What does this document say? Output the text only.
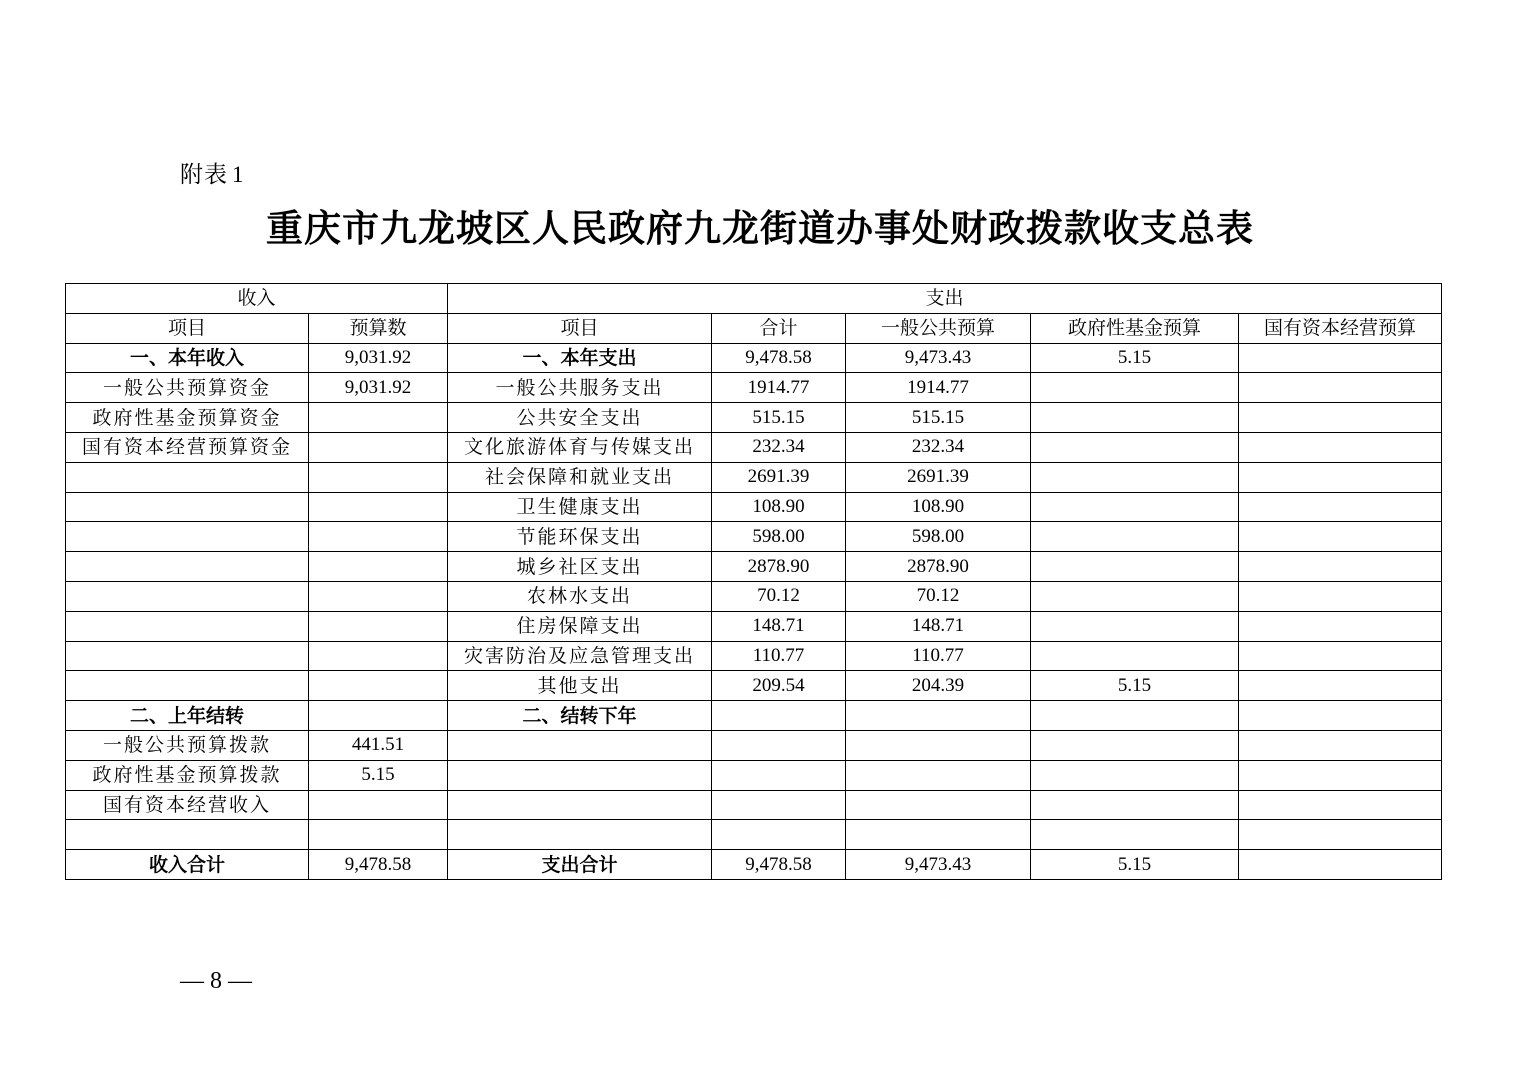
附表 1
重庆市九龙坡区人民政府九龙街道办事处财政拨款收支总表
收入		支出				
项目	预算数	项目	合计	一般公共预算	政府性基金预算	国有资本经营预算
一、本年收入	9,031.92	一、本年支出	9,478.58	9,473.43	5.15	
一般公共预算资金	9,031.92	一般公共服务支出	1914.77	1914.77		
政府性基金预算资金		公共安全支出	515.15	515.15		
国有资本经营预算资金		文化旅游体育与传媒支出	232.34	232.34		
		社会保障和就业支出	2691.39	2691.39		
		卫生健康支出	108.90	108.90		
		节能环保支出	598.00	598.00		
		城乡社区支出	2878.90	2878.90		
		农林水支出	70.12	70.12		
		住房保障支出	148.71	148.71		
		灾害防治及应急管理支出	110.77	110.77		
		其他支出	209.54	204.39	5.15	
二、上年结转		二、结转下年				
一般公共预算拨款	441.51					
政府性基金预算拨款	5.15					
国有资本经营收入						

收入合计	9,478.58	支出合计	9,478.58	9,473.43	5.15	
— 8 —
